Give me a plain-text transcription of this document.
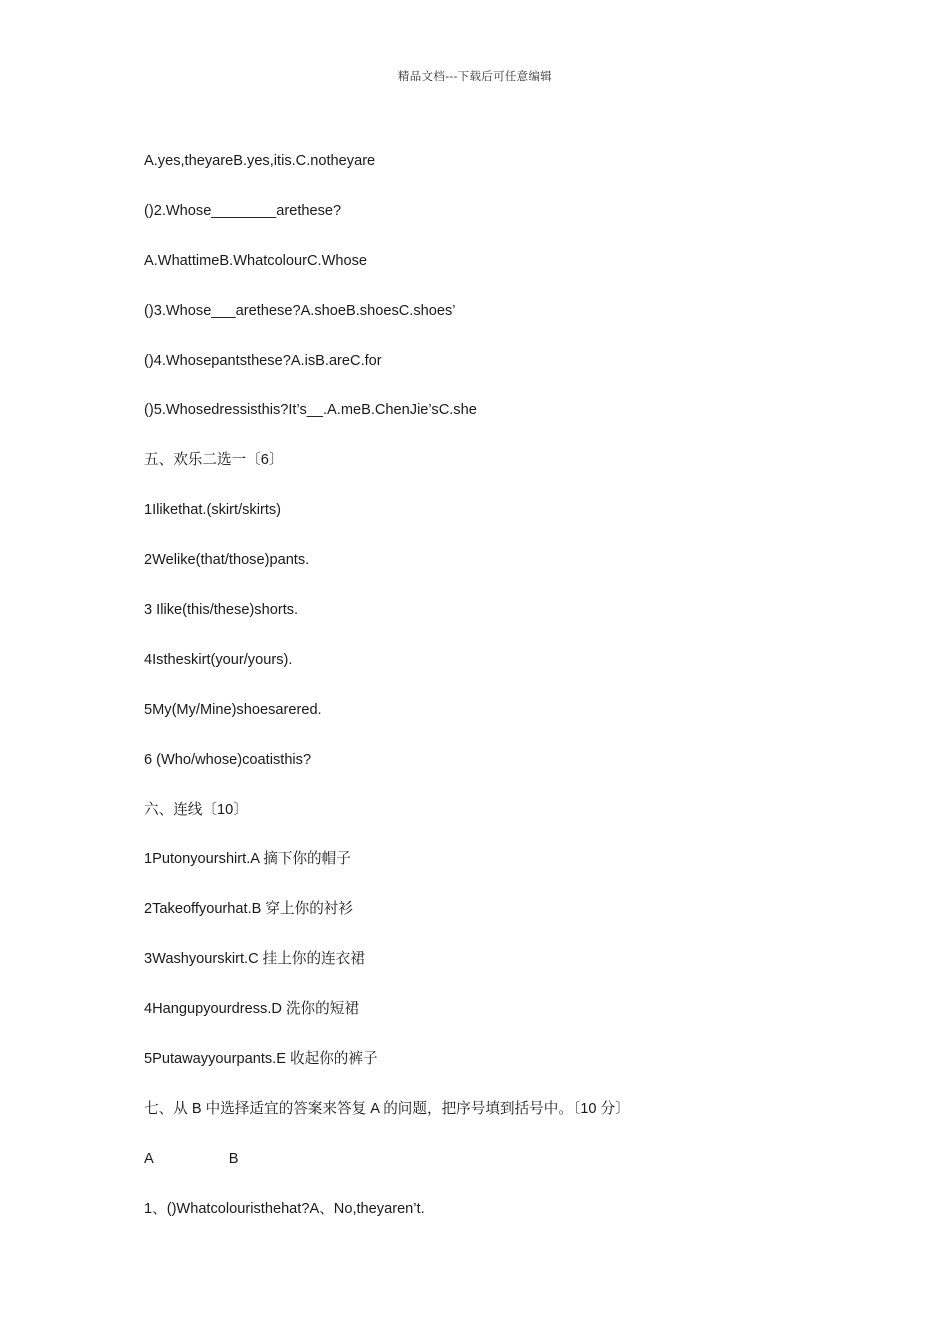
精品文档---下载后可任意编辑
A.yes,theyareB.yes,itis.C.notheyare
()2.Whose________arethese?
A.WhattimeB.WhatcolourC.Whose
()3.Whose___arethese?A.shoeB.shoesC.shoes’
()4.Whosepantsthese?A.isB.areC.for
()5.Whosedressisthis?It’s__.A.meB.ChenJie’sC.she
五、欢乐二选一〔6〕
1Ilikethat.(skirt/skirts)
2Welike(that/those)pants.
3 Ilike(this/these)shorts.
4Istheskirt(your/yours).
5My(My/Mine)shoesarered.
6 (Who/whose)coatisthis?
六、连线〔10〕
1Putonyourshirt.A 摘下你的帽子
2Takeoffyourhat.B 穿上你的衬衫
3Washyourskirt.C 挂上你的连衣裙
4Hangupyourdress.D 洗你的短裙
5Putawayyourpants.E 收起你的裤子
七、从 B 中选择适宜的答案来答复 A 的问题，把序号填到括号中。〔10 分〕
A	B
1、()Whatcolouristhehat?A、No,theyaren’t.
